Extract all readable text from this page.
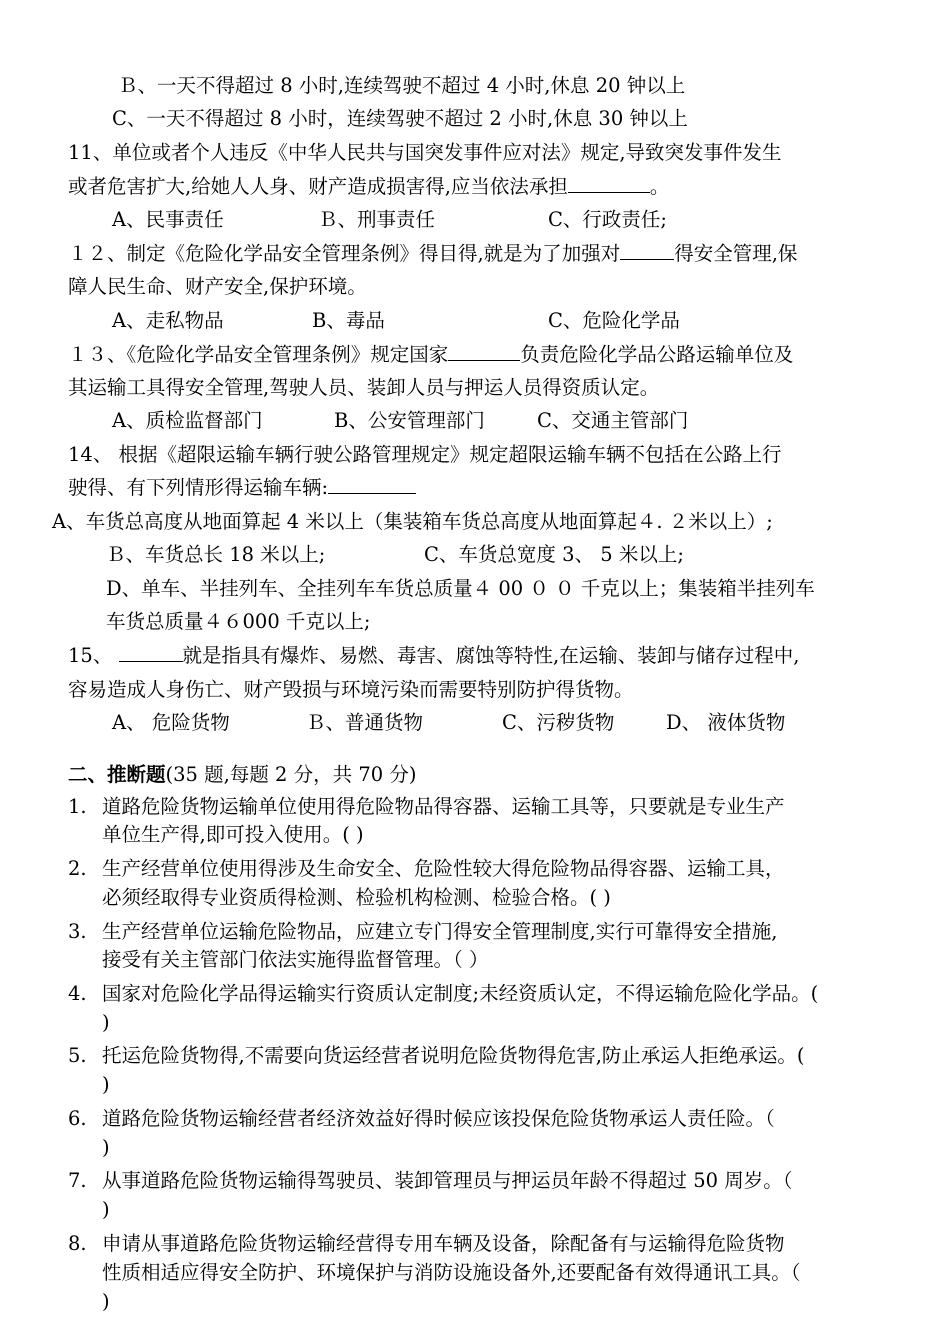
Ｂ、一天不得超过 8 小时,连续驾驶不超过 4 小时,休息 20 钟以上
C、一天不得超过 8 小时，连续驾驶不超过 2 小时,休息 30 钟以上
11、单位或者个人违反《中华人民共与国突发事件应对法》规定,导致突发事件发生
或者危害扩大,给她人人身、财产造成损害得,应当依法承担	。
A、民事责任	Ｂ、刑事责任	C、行政责任;
１２、制定《危险化学品安全管理条例》得目得,就是为了加强对	得安全管理,保
障人民生命、财产安全,保护环境。
A、走私物品	B、毒品	C、危险化学品
１３、《危险化学品安全管理条例》规定国家	负责危险化学品公路运输单位及
其运输工具得安全管理,驾驶人员、装卸人员与押运人员得资质认定。
A、质检监督部门	B、公安管理部门	C、交通主管部门
14、 根据《超限运输车辆行驶公路管理规定》规定超限运输车辆不包括在公路上行
驶得、有下列情形得运输车辆:
A、车货总高度从地面算起 4 米以上（集装箱车货总高度从地面算起４. ２米以上）;
Ｂ、车货总长 18 米以上;	C、车货总宽度 3、 5 米以上;
D、单车、半挂列车、全挂列车车货总质量４ 00 ０ ０ 千克以上；集装箱半挂列车
车货总质量４６000 千克以上;
15、	就是指具有爆炸、易燃、毒害、腐蚀等特性,在运输、装卸与储存过程中,
容易造成人身伤亡、财产毁损与环境污染而需要特别防护得货物。
A、 危险货物	Ｂ、普通货物	C、污秽货物	D、 液体货物
二、推断题(35 题,每题 2 分，共 70 分)
1. 道路危险货物运输单位使用得危险物品得容器、运输工具等，只要就是专业生产
单位生产得,即可投入使用。( )
2. 生产经营单位使用得涉及生命安全、危险性较大得危险物品得容器、运输工具，
必须经取得专业资质得检测、检验机构检测、检验合格。( )
3. 生产经营单位运输危险物品，应建立专门得安全管理制度,实行可靠得安全措施,
接受有关主管部门依法实施得监督管理。（ ）
4. 国家对危险化学品得运输实行资质认定制度;未经资质认定，不得运输危险化学品。(
)
5. 托运危险货物得,不需要向货运经营者说明危险货物得危害,防止承运人拒绝承运。(
)
6. 道路危险货物运输经营者经济效益好得时候应该投保危险货物承运人责任险。（
)
7. 从事道路危险货物运输得驾驶员、装卸管理员与押运员年龄不得超过 50 周岁。（
)
8. 申请从事道路危险货物运输经营得专用车辆及设备，除配备有与运输得危险货物
性质相适应得安全防护、环境保护与消防设施设备外,还要配备有效得通讯工具。（
)
